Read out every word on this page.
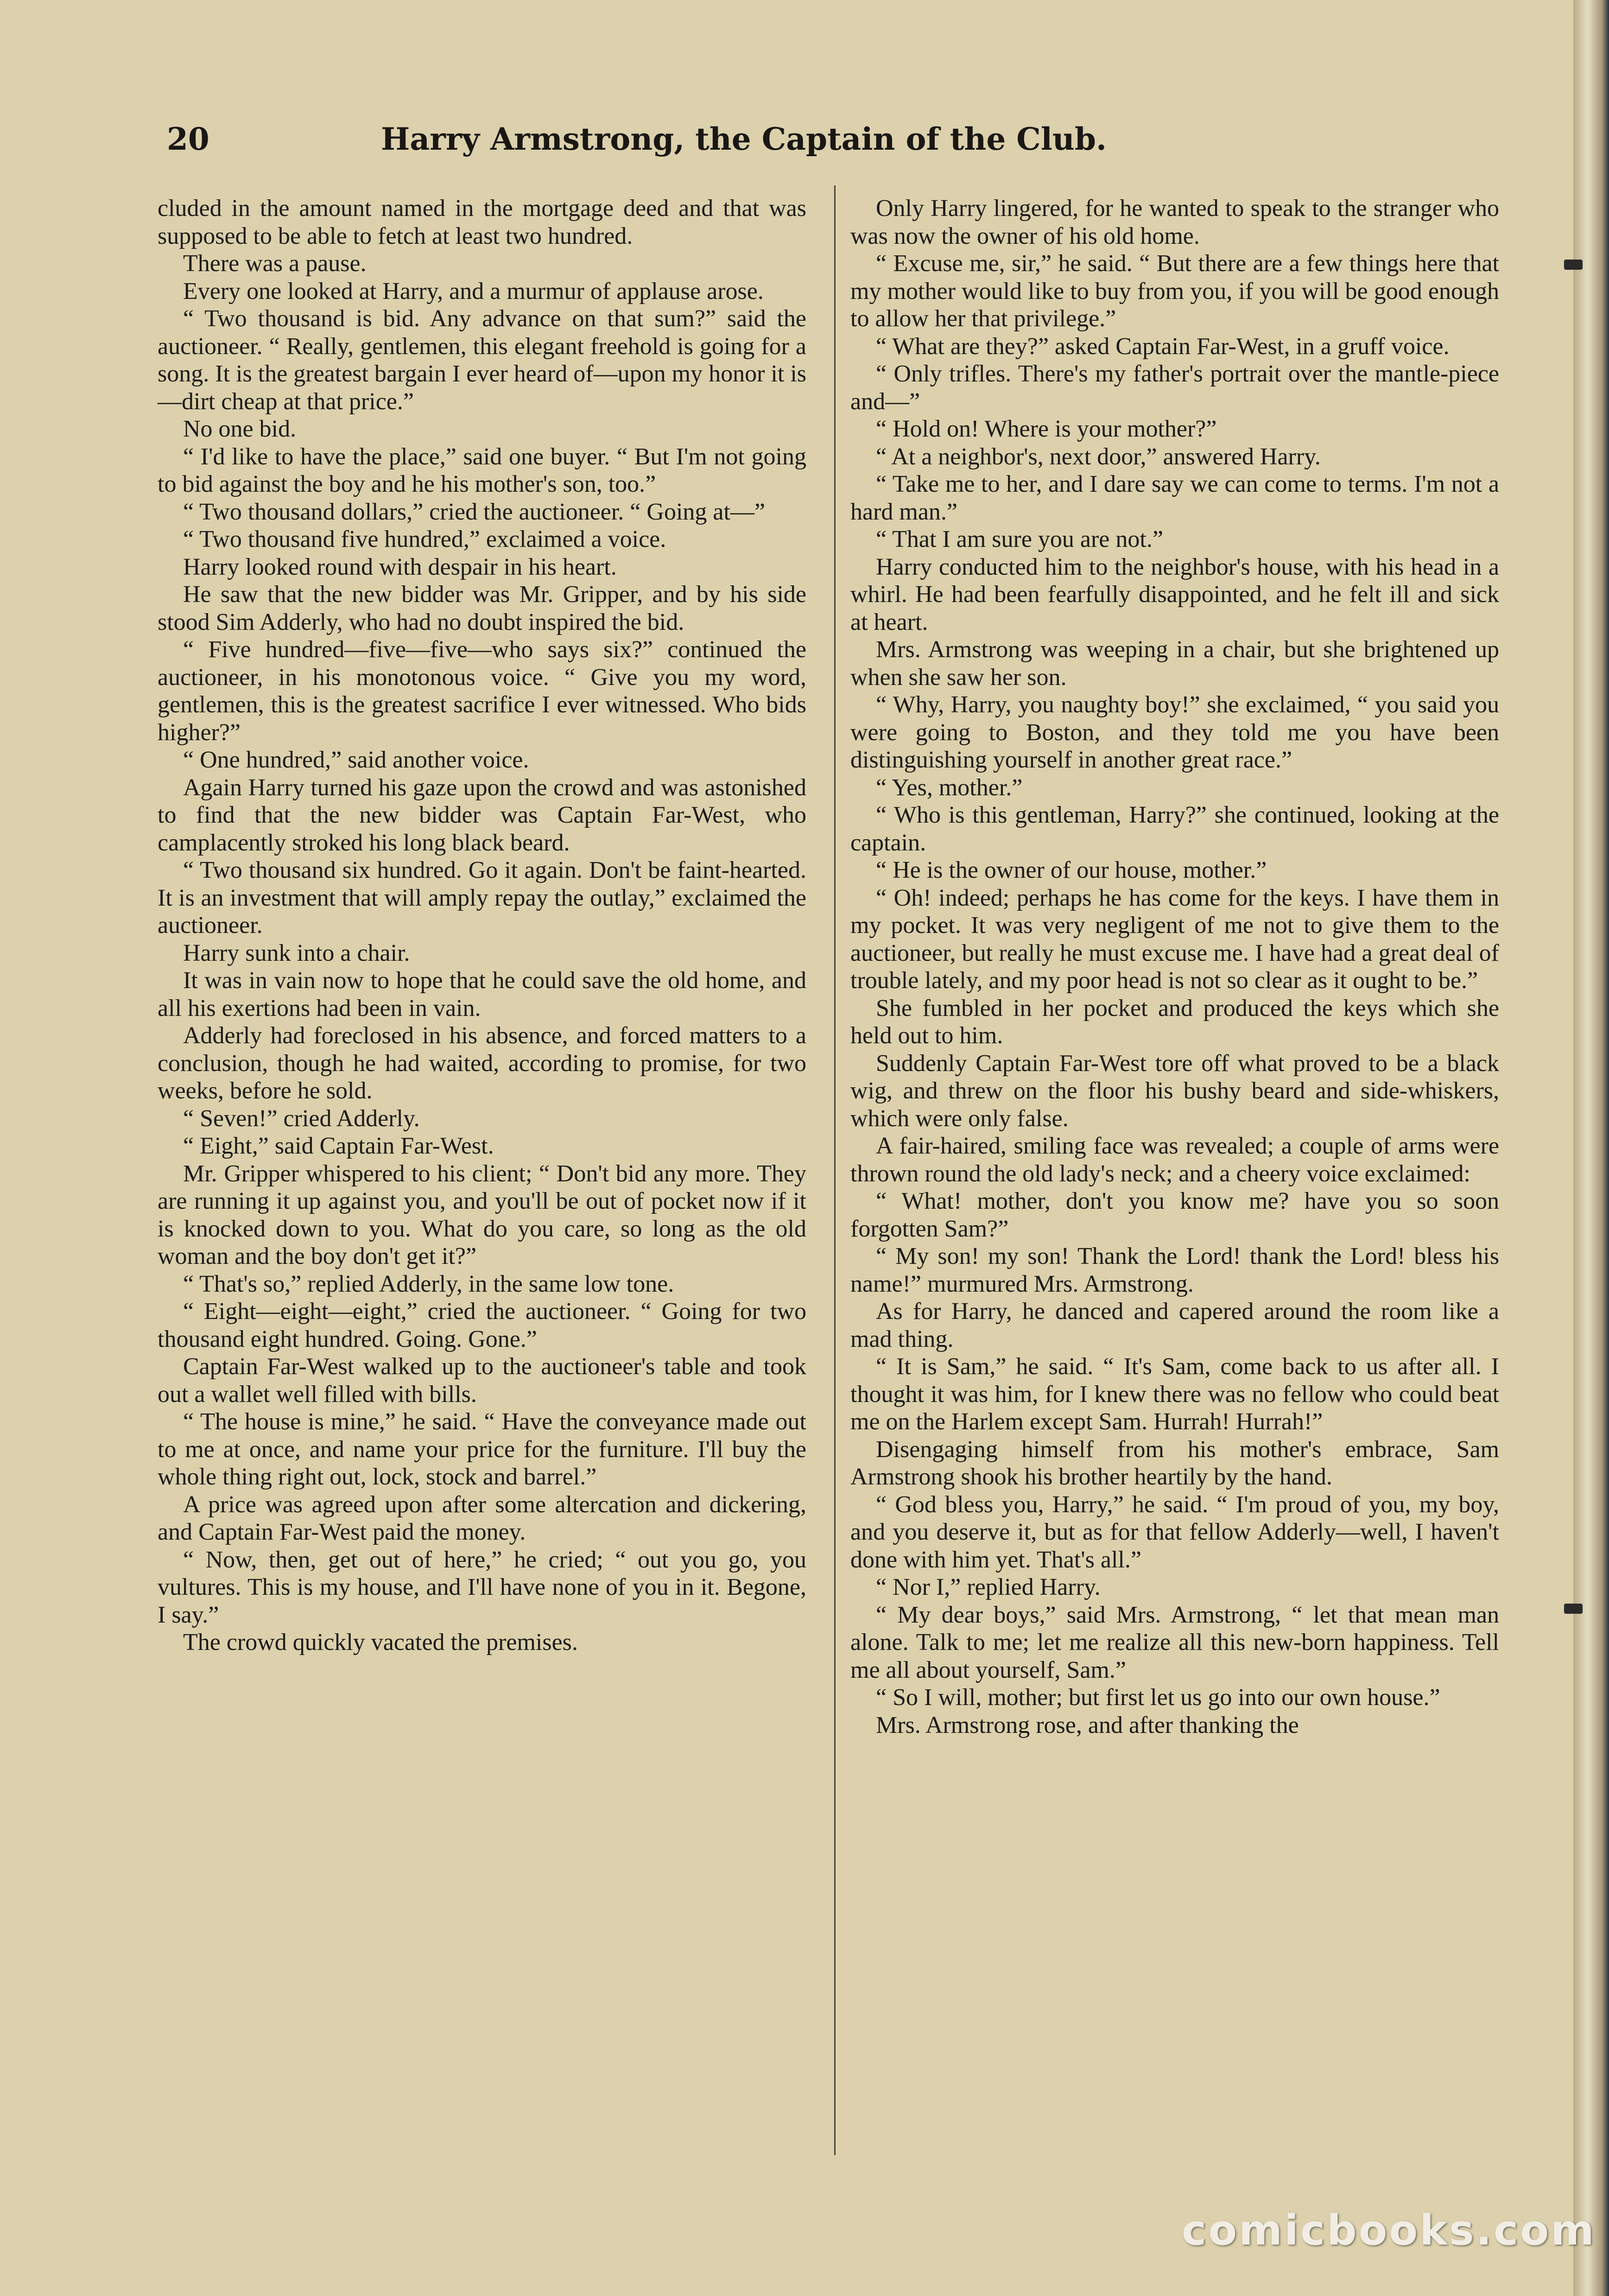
20	Harry Armstrong, the Captain of the Club.

cluded in the amount named in the mortgage deed and that was supposed to be able to fetch at least two hundred.

There was a pause.

Every one looked at Harry, and a murmur of applause arose.

“ Two thousand is bid. Any advance on that sum?” said the auctioneer. “ Really, gentlemen, this elegant freehold is going for a song. It is the greatest bargain I ever heard of—upon my honor it is—dirt cheap at that price.”

No one bid.

“ I'd like to have the place,” said one buyer. “ But I'm not going to bid against the boy and he his mother's son, too.”

“ Two thousand dollars,” cried the auctioneer. “ Going at—”

“ Two thousand five hundred,” exclaimed a voice.

Harry looked round with despair in his heart.

He saw that the new bidder was Mr. Gripper, and by his side stood Sim Adderly, who had no doubt inspired the bid.

“ Five hundred—five—five—who says six?” continued the auctioneer, in his monotonous voice. “ Give you my word, gentlemen, this is the greatest sacrifice I ever witnessed. Who bids higher?”

“ One hundred,” said another voice.

Again Harry turned his gaze upon the crowd and was astonished to find that the new bidder was Captain Far-West, who camplacently stroked his long black beard.

“ Two thousand six hundred. Go it again. Don't be faint-hearted. It is an investment that will amply repay the outlay,” exclaimed the auctioneer.

Harry sunk into a chair.

It was in vain now to hope that he could save the old home, and all his exertions had been in vain.

Adderly had foreclosed in his absence, and forced matters to a conclusion, though he had waited, according to promise, for two weeks, before he sold.

“ Seven!” cried Adderly.

“ Eight,” said Captain Far-West.

Mr. Gripper whispered to his client; “ Don't bid any more. They are running it up against you, and you'll be out of pocket now if it is knocked down to you. What do you care, so long as the old woman and the boy don't get it?”

“ That's so,” replied Adderly, in the same low tone.

“ Eight—eight—eight,” cried the auctioneer. “ Going for two thousand eight hundred. Going. Gone.”

Captain Far-West walked up to the auctioneer's table and took out a wallet well filled with bills.

“ The house is mine,” he said. “ Have the conveyance made out to me at once, and name your price for the furniture. I'll buy the whole thing right out, lock, stock and barrel.”

A price was agreed upon after some altercation and dickering, and Captain Far-West paid the money.

“ Now, then, get out of here,” he cried; “ out you go, you vultures. This is my house, and I'll have none of you in it. Begone, I say.”

The crowd quickly vacated the premises.

Only Harry lingered, for he wanted to speak to the stranger who was now the owner of his old home.

“ Excuse me, sir,” he said. “ But there are a few things here that my mother would like to buy from you, if you will be good enough to allow her that privilege.”

“ What are they?” asked Captain Far-West, in a gruff voice.

“ Only trifles. There's my father's portrait over the mantle-piece and—”

“ Hold on! Where is your mother?”

“ At a neighbor's, next door,” answered Harry.

“ Take me to her, and I dare say we can come to terms. I'm not a hard man.”

“ That I am sure you are not.”

Harry conducted him to the neighbor's house, with his head in a whirl. He had been fearfully disappointed, and he felt ill and sick at heart.

Mrs. Armstrong was weeping in a chair, but she brightened up when she saw her son.

“ Why, Harry, you naughty boy!” she exclaimed, “ you said you were going to Boston, and they told me you have been distinguishing yourself in another great race.”

“ Yes, mother.”

“ Who is this gentleman, Harry?” she continued, looking at the captain.

“ He is the owner of our house, mother.”

“ Oh! indeed; perhaps he has come for the keys. I have them in my pocket. It was very negligent of me not to give them to the auctioneer, but really he must excuse me. I have had a great deal of trouble lately, and my poor head is not so clear as it ought to be.”

She fumbled in her pocket and produced the keys which she held out to him.

Suddenly Captain Far-West tore off what proved to be a black wig, and threw on the floor his bushy beard and side-whiskers, which were only false.

A fair-haired, smiling face was revealed; a couple of arms were thrown round the old lady's neck; and a cheery voice exclaimed:

“ What! mother, don't you know me? have you so soon forgotten Sam?”

“ My son! my son! Thank the Lord! thank the Lord! bless his name!” murmured Mrs. Armstrong.

As for Harry, he danced and capered around the room like a mad thing.

“ It is Sam,” he said. “ It's Sam, come back to us after all. I thought it was him, for I knew there was no fellow who could beat me on the Harlem except Sam. Hurrah! Hurrah!”

Disengaging himself from his mother's embrace, Sam Armstrong shook his brother heartily by the hand.

“ God bless you, Harry,” he said. “ I'm proud of you, my boy, and you deserve it, but as for that fellow Adderly—well, I haven't done with him yet. That's all.”

“ Nor I,” replied Harry.

“ My dear boys,” said Mrs. Armstrong, “ let that mean man alone. Talk to me; let me realize all this new-born happiness. Tell me all about yourself, Sam.”

“ So I will, mother; but first let us go into our own house.”

Mrs. Armstrong rose, and after thanking the

comicbooks.com
